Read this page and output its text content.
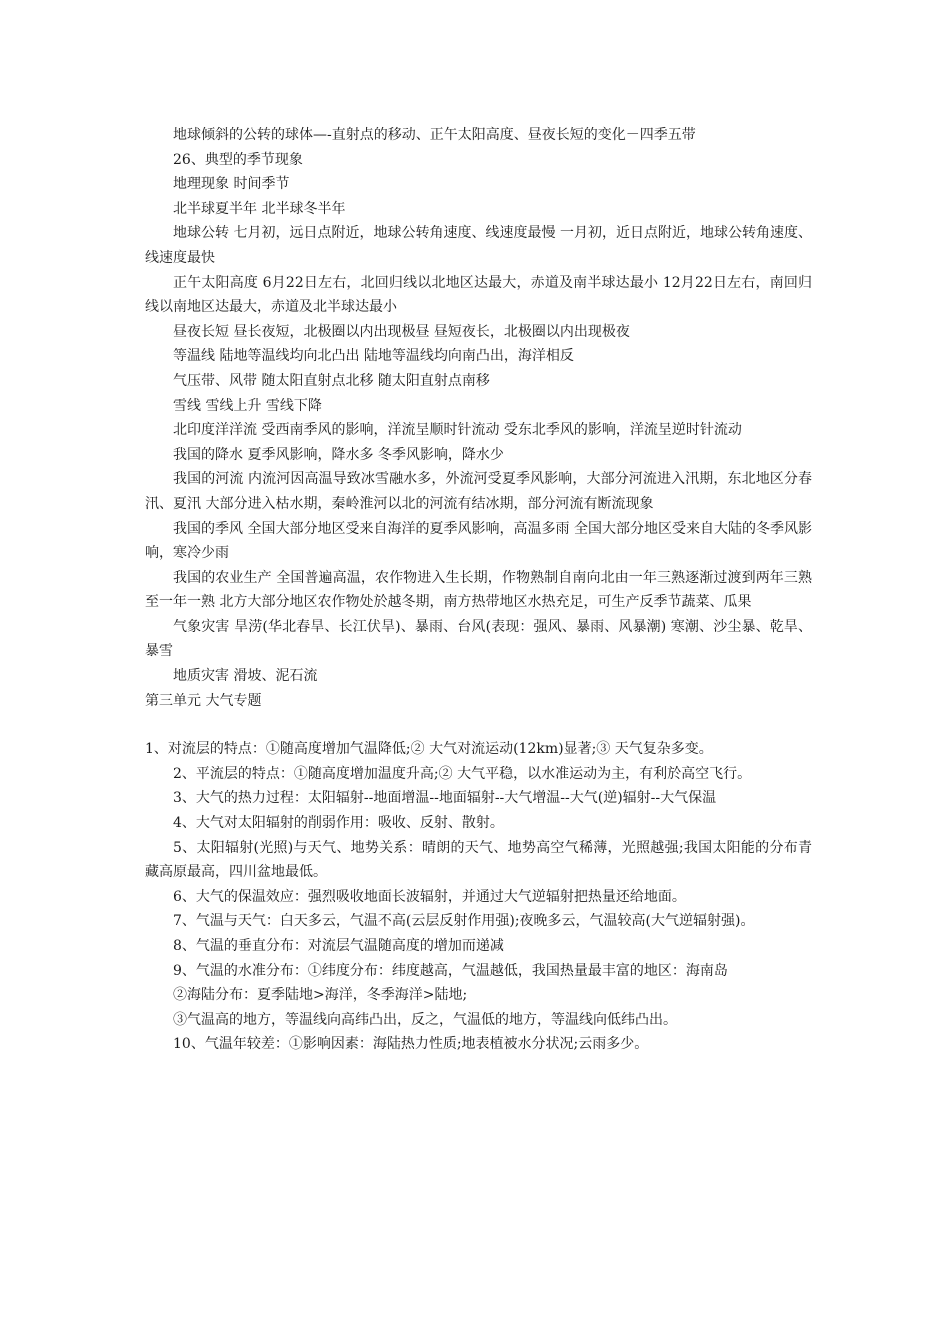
地球倾斜的公转的球体—-直射点的移动、正午太阳高度、昼夜长短的变化－四季五带

26、典型的季节现象

地理现象 时间季节

北半球夏半年 北半球冬半年

地球公转 七月初，远日点附近，地球公转角速度、线速度最慢 一月初，近日点附近，地球公转角速度、线速度最快

正午太阳高度 6月22日左右，北回归线以北地区达最大，赤道及南半球达最小 12月22日左右，南回归线以南地区达最大，赤道及北半球达最小

昼夜长短 昼长夜短，北极圈以内出现极昼 昼短夜长，北极圈以内出现极夜

等温线 陆地等温线均向北凸出 陆地等温线均向南凸出，海洋相反

气压带、风带 随太阳直射点北移 随太阳直射点南移

雪线 雪线上升 雪线下降

北印度洋洋流 受西南季风的影响，洋流呈顺时针流动 受东北季风的影响，洋流呈逆时针流动

我国的降水 夏季风影响，降水多 冬季风影响，降水少

我国的河流 内流河因高温导致冰雪融水多，外流河受夏季风影响，大部分河流进入汛期，东北地区分春汛、夏汛 大部分进入枯水期，秦岭淮河以北的河流有结冰期，部分河流有断流现象

我国的季风 全国大部分地区受来自海洋的夏季风影响，高温多雨 全国大部分地区受来自大陆的冬季风影响，寒冷少雨

我国的农业生产 全国普遍高温，农作物进入生长期，作物熟制自南向北由一年三熟逐渐过渡到两年三熟至一年一熟 北方大部分地区农作物处於越冬期，南方热带地区水热充足，可生产反季节蔬菜、瓜果

气象灾害 旱涝(华北春旱、长江伏旱)、暴雨、台风(表现：强风、暴雨、风暴潮) 寒潮、沙尘暴、乾旱、暴雪

地质灾害 滑坡、泥石流

第三单元 大气专题

1、对流层的特点：①随高度增加气温降低;② 大气对流运动(12km)显著;③ 天气复杂多变。

2、平流层的特点：①随高度增加温度升高;② 大气平稳，以水准运动为主，有利於高空飞行。

3、大气的热力过程：太阳辐射--地面增温--地面辐射--大气增温--大气(逆)辐射--大气保温

4、大气对太阳辐射的削弱作用：吸收、反射、散射。

5、太阳辐射(光照)与天气、地势关系：晴朗的天气、地势高空气稀薄，光照越强;我国太阳能的分布青藏高原最高，四川盆地最低。

6、大气的保温效应：强烈吸收地面长波辐射，并通过大气逆辐射把热量还给地面。

7、气温与天气：白天多云，气温不高(云层反射作用强);夜晚多云，气温较高(大气逆辐射强)。

8、气温的垂直分布：对流层气温随高度的增加而递减

9、气温的水准分布：①纬度分布：纬度越高，气温越低，我国热量最丰富的地区：海南岛

②海陆分布：夏季陆地>海洋，冬季海洋>陆地;

③气温高的地方，等温线向高纬凸出，反之，气温低的地方，等温线向低纬凸出。

10、气温年较差：①影响因素：海陆热力性质;地表植被水分状况;云雨多少。
